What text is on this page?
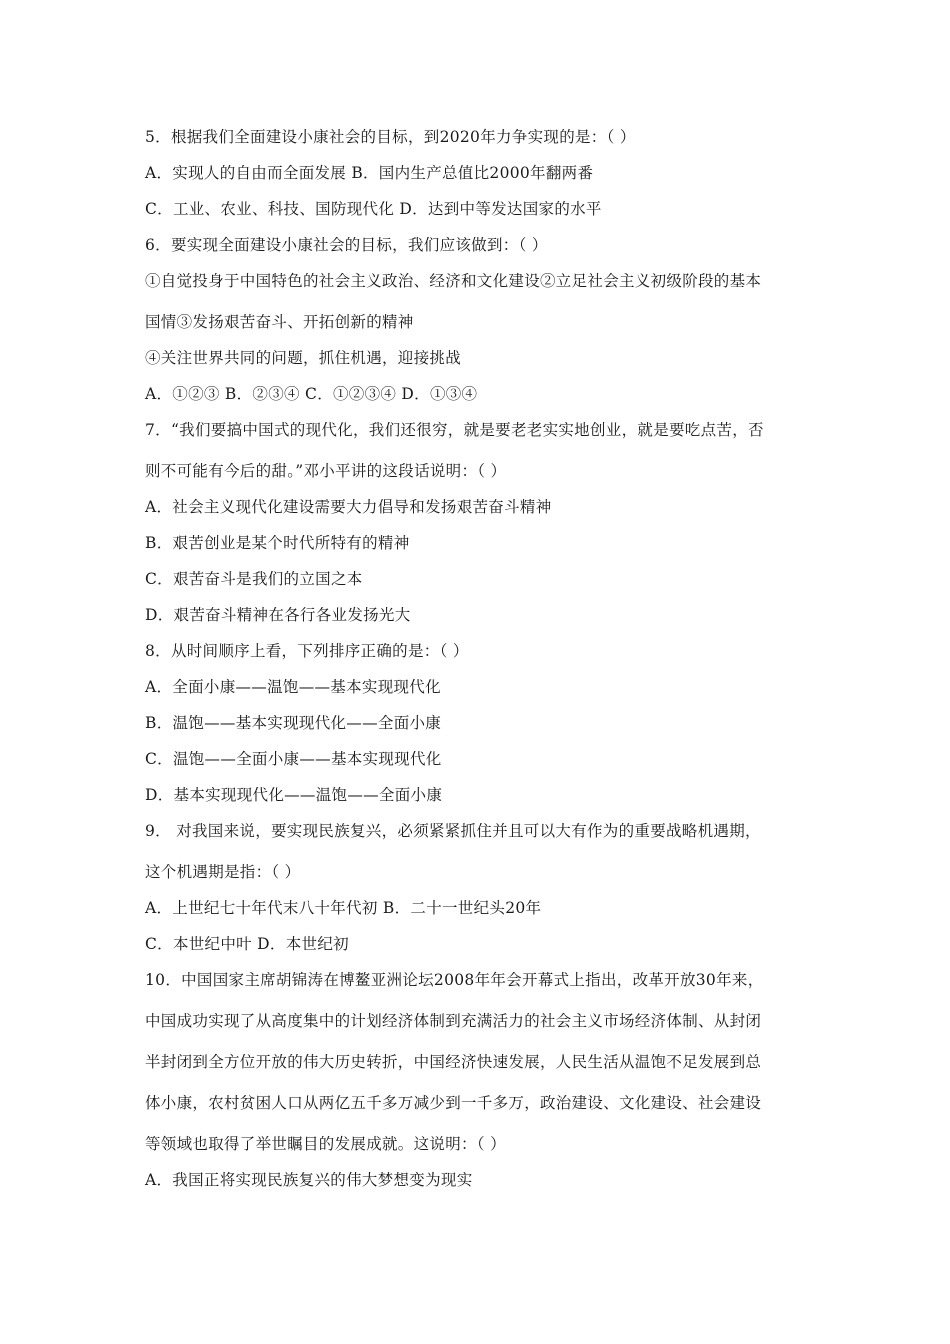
5．根据我们全面建设小康社会的目标，到2020年力争实现的是：（ ）
A．实现人的自由而全面发展 B．国内生产总值比2000年翻两番
C．工业、农业、科技、国防现代化 D．达到中等发达国家的水平
6．要实现全面建设小康社会的目标，我们应该做到：（ ）
①自觉投身于中国特色的社会主义政治、经济和文化建设②立足社会主义初级阶段的基本
国情③发扬艰苦奋斗、开拓创新的精神
④关注世界共同的问题，抓住机遇，迎接挑战
A．①②③ B．②③④ C．①②③④ D．①③④
7．“我们要搞中国式的现代化，我们还很穷，就是要老老实实地创业，就是要吃点苦，否
则不可能有今后的甜。”邓小平讲的这段话说明：（ ）
A．社会主义现代化建设需要大力倡导和发扬艰苦奋斗精神
B．艰苦创业是某个时代所特有的精神
C．艰苦奋斗是我们的立国之本
D．艰苦奋斗精神在各行各业发扬光大
8．从时间顺序上看，下列排序正确的是：（ ）
A．全面小康——温饱——基本实现现代化
B．温饱——基本实现现代化——全面小康
C．温饱——全面小康——基本实现现代化
D．基本实现现代化——温饱——全面小康
9． 对我国来说，要实现民族复兴，必须紧紧抓住并且可以大有作为的重要战略机遇期，
这个机遇期是指：（ ）
A．上世纪七十年代末八十年代初 B．二十一世纪头20年
C．本世纪中叶 D．本世纪初
10．中国国家主席胡锦涛在博鳌亚洲论坛2008年年会开幕式上指出，改革开放30年来，
中国成功实现了从高度集中的计划经济体制到充满活力的社会主义市场经济体制、从封闭
半封闭到全方位开放的伟大历史转折，中国经济快速发展，人民生活从温饱不足发展到总
体小康，农村贫困人口从两亿五千多万减少到一千多万，政治建设、文化建设、社会建设
等领域也取得了举世瞩目的发展成就。这说明：（ ）
A．我国正将实现民族复兴的伟大梦想变为现实
